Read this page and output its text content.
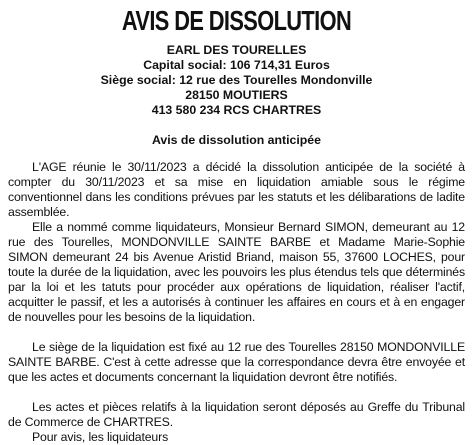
AVIS DE DISSOLUTION
EARL DES TOURELLES
Capital social: 106 714,31 Euros
Siège social: 12 rue des Tourelles Mondonville
28150 MOUTIERS
413 580 234 RCS CHARTRES
Avis de dissolution anticipée

L'AGE réunie le 30/11/2023 a décidé la dissolution anticipée de la société à compter du 30/11/2023 et sa mise en liquidation amiable sous le régime conventionnel dans les conditions prévues par les statuts et les délibarations de ladite assemblée.

Elle a nommé comme liquidateurs, Monsieur Bernard SIMON, demeurant au 12 rue des Tourelles, MONDONVILLE SAINTE BARBE et Madame Marie-Sophie SIMON demeurant 24 bis Avenue Aristid Briand, maison 55, 37600 LOCHES, pour toute la durée de la liquidation, avec les pouvoirs les plus étendus tels que déterminés par la loi et les tatuts pour procéder aux opérations de liquidation, réaliser l'actif, acquitter le passif, et les a autorisés à continuer les affaires en cours et à en engager de nouvelles pour les besoins de la liquidation.

Le siège de la liquidation est fixé au 12 rue des Tourelles 28150 MONDONVILLE SAINTE BARBE. C'est à cette adresse que la correspondance devra être envoyée et que les actes et documents concernant la liquidation devront être notifiés.

Les actes et pièces relatifs à la liquidation seront déposés au Greffe du Tribunal de Commerce de CHARTRES.

Pour avis, les liquidateurs
